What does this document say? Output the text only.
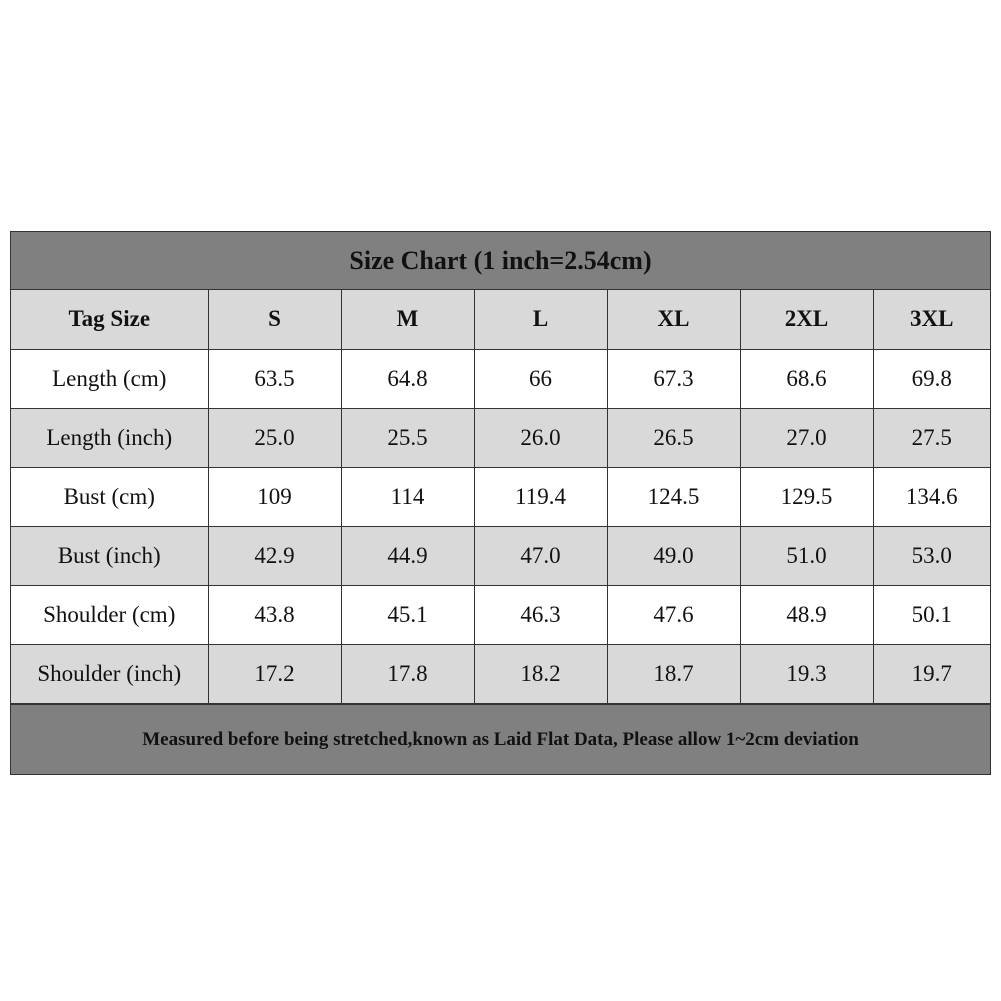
Size Chart (1 inch=2.54cm)
Tag Size	S	M	L	XL	2XL	3XL
Length (cm)	63.5	64.8	66	67.3	68.6	69.8
Length (inch)	25.0	25.5	26.0	26.5	27.0	27.5
Bust (cm)	109	114	119.4	124.5	129.5	134.6
Bust (inch)	42.9	44.9	47.0	49.0	51.0	53.0
Shoulder (cm)	43.8	45.1	46.3	47.6	48.9	50.1
Shoulder (inch)	17.2	17.8	18.2	18.7	19.3	19.7
Measured before being stretched,known as Laid Flat Data, Please allow 1~2cm deviation
